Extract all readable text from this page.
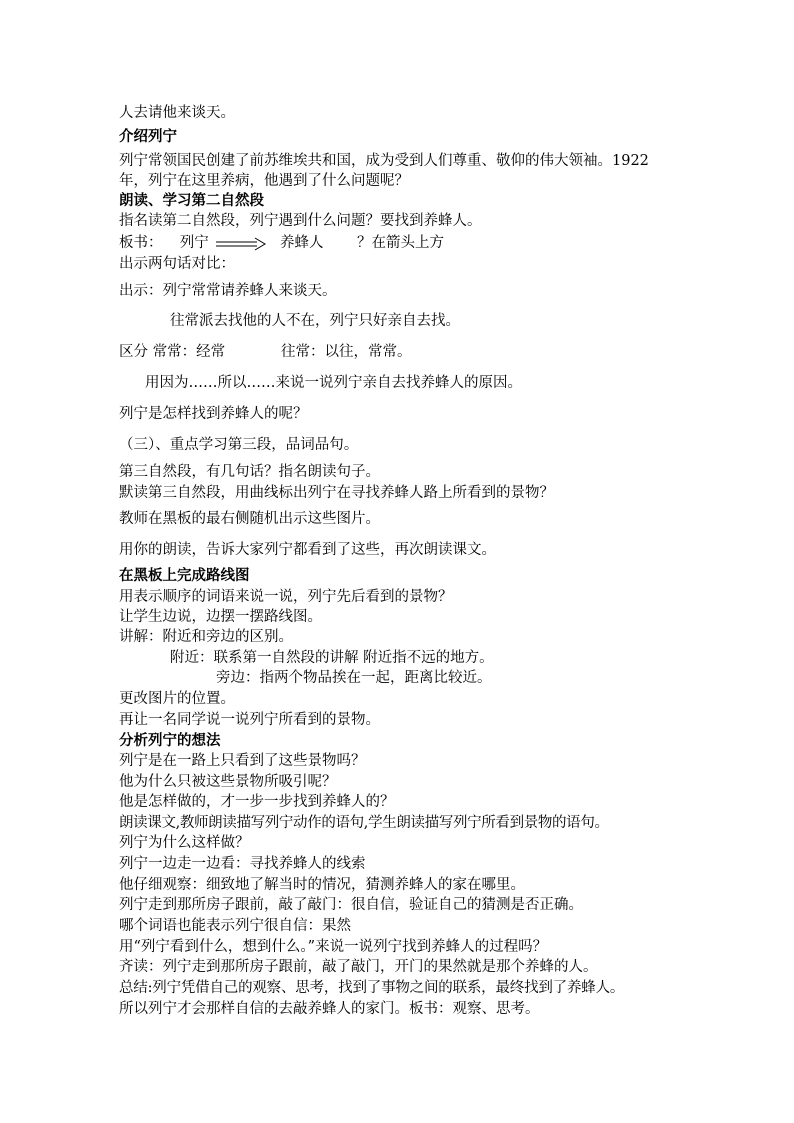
人去请他来谈天。
介绍列宁
列宁常领国民创建了前苏维埃共和国，成为受到人们尊重、敬仰的伟大领袖。1922
年，列宁在这里养病，他遇到了什么问题呢？
朗读、学习第二自然段
指名读第二自然段，列宁遇到什么问题？要找到养蜂人。
板书： 列宁	养蜂人 ？在箭头上方
出示两句话对比：
出示：列宁常常请养蜂人来谈天。
往常派去找他的人不在，列宁只好亲自去找。
区分 常常：经常	往常：以往，常常。
用因为……所以……来说一说列宁亲自去找养蜂人的原因。
列宁是怎样找到养蜂人的呢？
（三）、重点学习第三段，品词品句。
第三自然段，有几句话？指名朗读句子。
默读第三自然段，用曲线标出列宁在寻找养蜂人路上所看到的景物？
教师在黑板的最右侧随机出示这些图片。
用你的朗读，告诉大家列宁都看到了这些，再次朗读课文。
在黑板上完成路线图
用表示顺序的词语来说一说，列宁先后看到的景物？
让学生边说，边摆一摆路线图。
讲解：附近和旁边的区别。
附近：联系第一自然段的讲解 附近指不远的地方。
旁边：指两个物品挨在一起，距离比较近。
更改图片的位置。
再让一名同学说一说列宁所看到的景物。
分析列宁的想法
列宁是在一路上只看到了这些景物吗？
他为什么只被这些景物所吸引呢？
他是怎样做的，才一步一步找到养蜂人的？
朗读课文,教师朗读描写列宁动作的语句,学生朗读描写列宁所看到景物的语句。
列宁为什么这样做？
列宁一边走一边看：寻找养蜂人的线索
他仔细观察：细致地了解当时的情况，猜测养蜂人的家在哪里。
列宁走到那所房子跟前，敲了敲门：很自信，验证自己的猜测是否正确。
哪个词语也能表示列宁很自信：果然
用“列宁看到什么，想到什么。”来说一说列宁找到养蜂人的过程吗？
齐读：列宁走到那所房子跟前，敲了敲门，开门的果然就是那个养蜂的人。
总结:列宁凭借自己的观察、思考，找到了事物之间的联系，最终找到了养蜂人。
所以列宁才会那样自信的去敲养蜂人的家门。板书：观察、思考。
